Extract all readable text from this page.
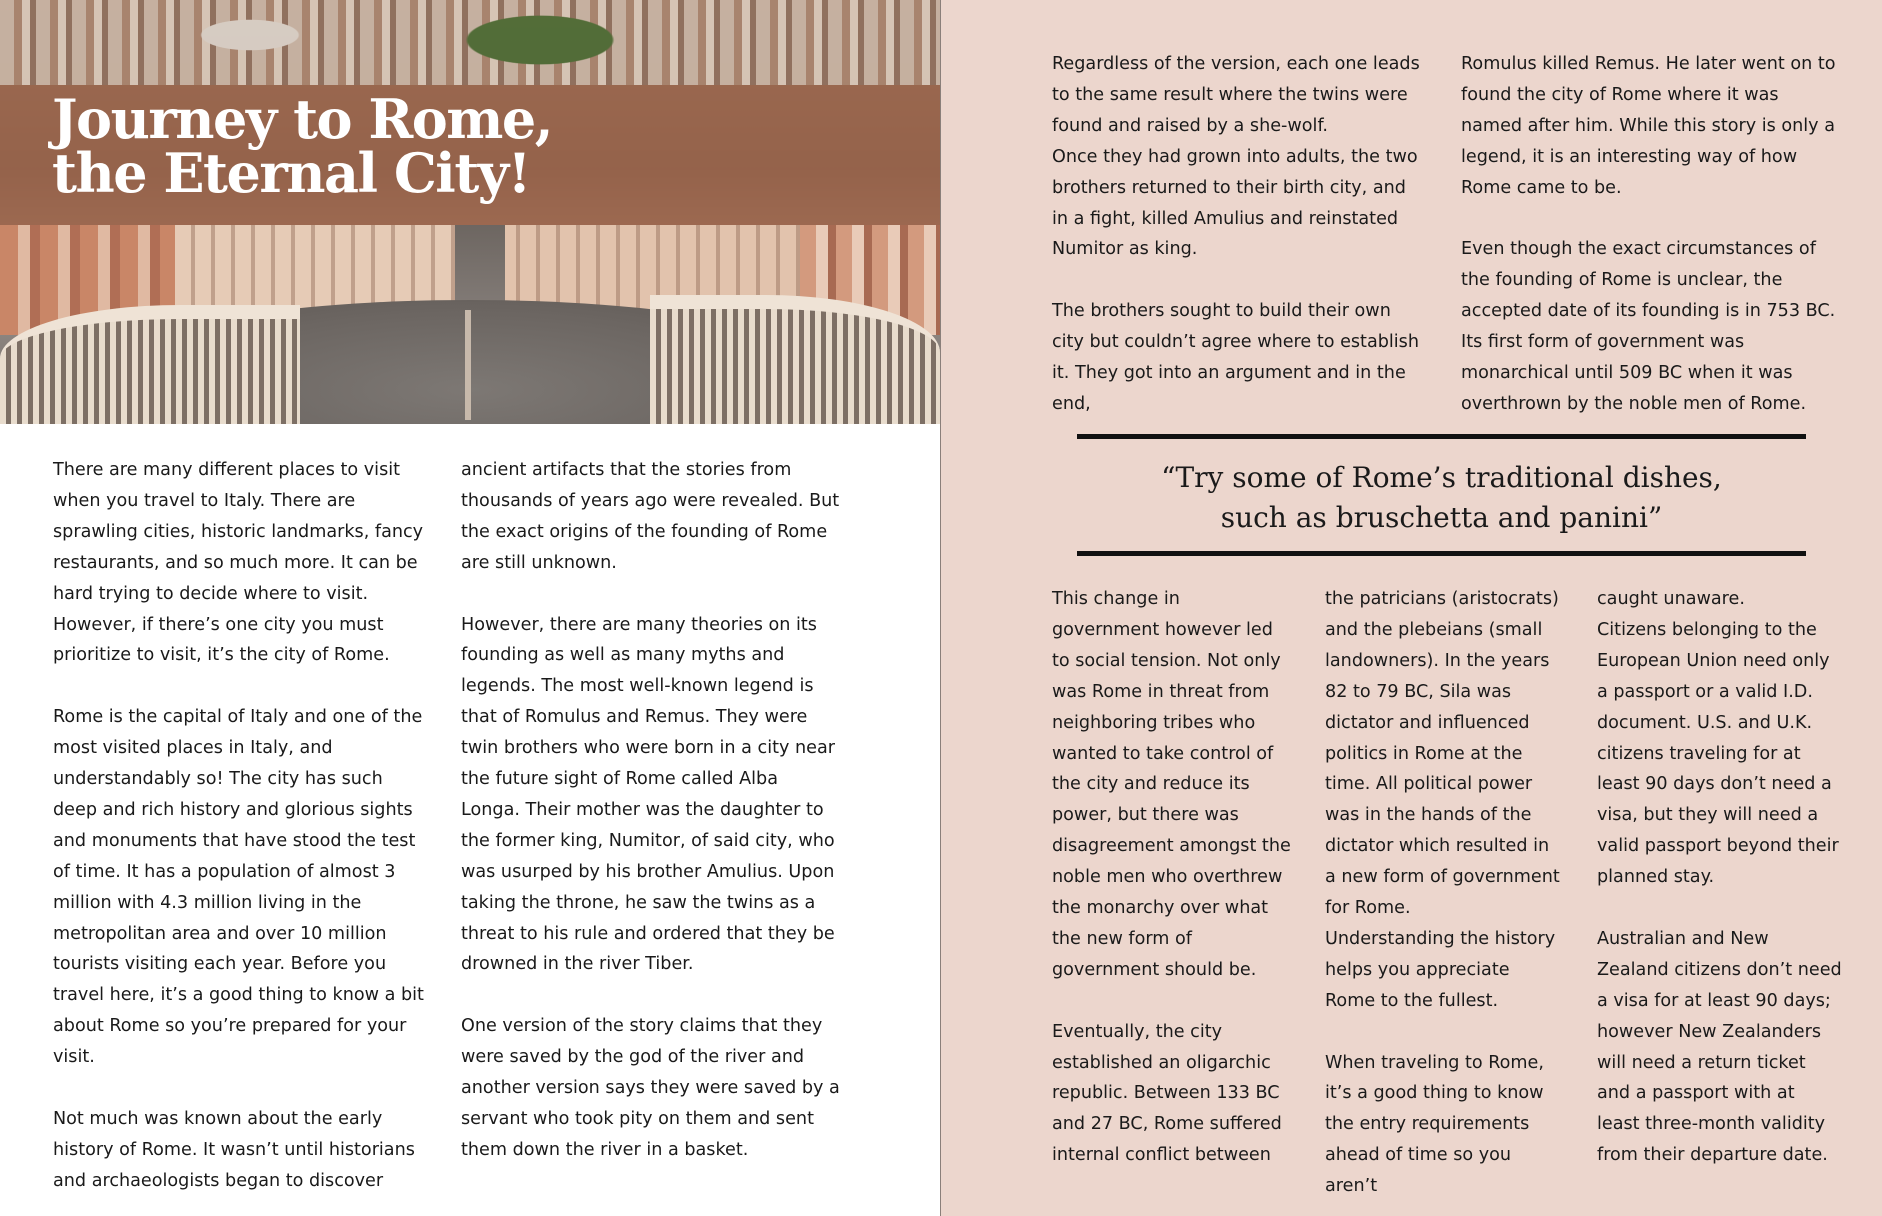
Journey to Rome,
the Eternal City!

There are many different places to visit when you travel to Italy. There are sprawling cities, historic landmarks, fancy restaurants, and so much more. It can be hard trying to decide where to visit. However, if there’s one city you must prioritize to visit, it’s the city of Rome.

Rome is the capital of Italy and one of the most visited places in Italy, and understandably so! The city has such deep and rich history and glorious sights and monuments that have stood the test of time. It has a population of almost 3 million with 4.3 million living in the metropolitan area and over 10 million tourists visiting each year. Before you travel here, it’s a good thing to know a bit about Rome so you’re prepared for your visit.

Not much was known about the early history of Rome. It wasn’t until historians and archaeologists began to discover

ancient artifacts that the stories from thousands of years ago were revealed. But the exact origins of the founding of Rome are still unknown.

However, there are many theories on its founding as well as many myths and legends. The most well-known legend is that of Romulus and Remus. They were twin brothers who were born in a city near the future sight of Rome called Alba Longa. Their mother was the daughter to the former king, Numitor, of said city, who was usurped by his brother Amulius. Upon taking the throne, he saw the twins as a threat to his rule and ordered that they be drowned in the river Tiber.

One version of the story claims that they were saved by the god of the river and another version says they were saved by a servant who took pity on them and sent them down the river in a basket.

Regardless of the version, each one leads to the same result where the twins were found and raised by a she-wolf.

Once they had grown into adults, the two brothers returned to their birth city, and in a fight, killed Amulius and reinstated Numitor as king.

The brothers sought to build their own city but couldn’t agree where to establish it. They got into an argument and in the end,

Romulus killed Remus. He later went on to found the city of Rome where it was named after him. While this story is only a legend, it is an interesting way of how Rome came to be.

Even though the exact circumstances of the founding of Rome is unclear, the accepted date of its founding is in 753 BC. Its first form of government was monarchical until 509 BC when it was overthrown by the noble men of Rome.

“Try some of Rome’s traditional dishes,
such as bruschetta and panini”

This change in government however led to social tension. Not only was Rome in threat from neighboring tribes who wanted to take control of the city and reduce its power, but there was disagreement amongst the noble men who overthrew the monarchy over what the new form of government should be.

Eventually, the city established an oligarchic republic. Between 133 BC and 27 BC, Rome suffered internal conflict between

the patricians (aristocrats) and the plebeians (small landowners). In the years 82 to 79 BC, Sila was dictator and influenced politics in Rome at the time. All political power was in the hands of the dictator which resulted in a new form of government for Rome.

Understanding the history helps you appreciate Rome to the fullest.

When traveling to Rome, it’s a good thing to know the entry requirements ahead of time so you aren’t

caught unaware.

Citizens belonging to the European Union need only a passport or a valid I.D. document. U.S. and U.K. citizens traveling for at least 90 days don’t need a visa, but they will need a valid passport beyond their planned stay.

Australian and New Zealand citizens don’t need a visa for at least 90 days; however New Zealanders will need a return ticket and a passport with at least three-month validity from their departure date.
